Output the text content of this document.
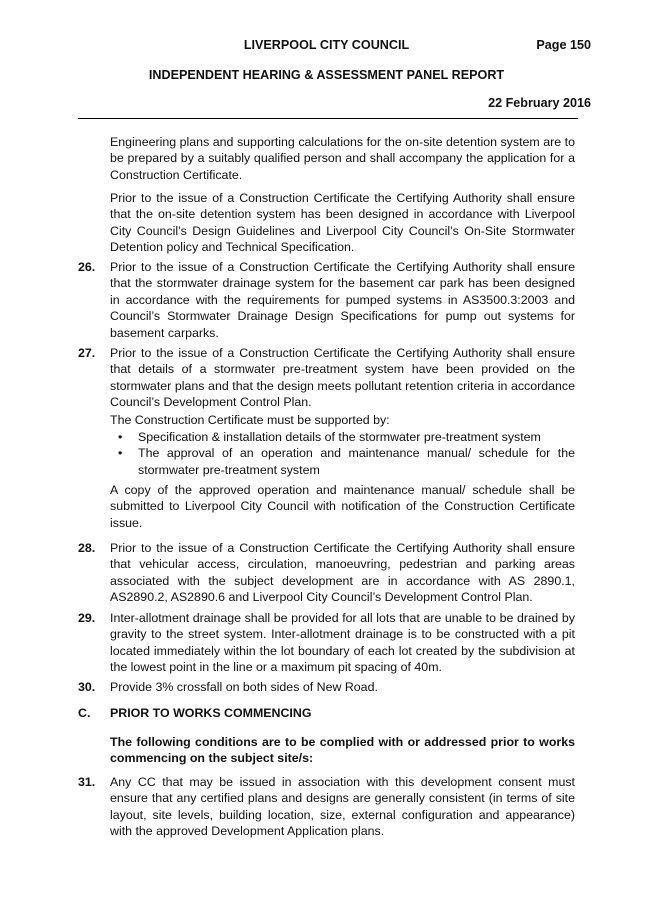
LIVERPOOL CITY COUNCIL	Page 150
INDEPENDENT HEARING & ASSESSMENT PANEL REPORT
22 February 2016
Engineering plans and supporting calculations for the on-site detention system are to be prepared by a suitably qualified person and shall accompany the application for a Construction Certificate.
Prior to the issue of a Construction Certificate the Certifying Authority shall ensure that the on-site detention system has been designed in accordance with Liverpool City Council’s Design Guidelines and Liverpool City Council’s On-Site Stormwater Detention policy and Technical Specification.
26. Prior to the issue of a Construction Certificate the Certifying Authority shall ensure that the stormwater drainage system for the basement car park has been designed in accordance with the requirements for pumped systems in AS3500.3:2003 and Council’s Stormwater Drainage Design Specifications for pump out systems for basement carparks.
27. Prior to the issue of a Construction Certificate the Certifying Authority shall ensure that details of a stormwater pre-treatment system have been provided on the stormwater plans and that the design meets pollutant retention criteria in accordance Council’s Development Control Plan.
The Construction Certificate must be supported by:
• Specification & installation details of the stormwater pre-treatment system
• The approval of an operation and maintenance manual/ schedule for the stormwater pre-treatment system
A copy of the approved operation and maintenance manual/ schedule shall be submitted to Liverpool City Council with notification of the Construction Certificate issue.
28. Prior to the issue of a Construction Certificate the Certifying Authority shall ensure that vehicular access, circulation, manoeuvring, pedestrian and parking areas associated with the subject development are in accordance with AS 2890.1, AS2890.2, AS2890.6 and Liverpool City Council’s Development Control Plan.
29. Inter-allotment drainage shall be provided for all lots that are unable to be drained by gravity to the street system. Inter-allotment drainage is to be constructed with a pit located immediately within the lot boundary of each lot created by the subdivision at the lowest point in the line or a maximum pit spacing of 40m.
30. Provide 3% crossfall on both sides of New Road.
C. PRIOR TO WORKS COMMENCING
The following conditions are to be complied with or addressed prior to works commencing on the subject site/s:
31. Any CC that may be issued in association with this development consent must ensure that any certified plans and designs are generally consistent (in terms of site layout, site levels, building location, size, external configuration and appearance) with the approved Development Application plans.
